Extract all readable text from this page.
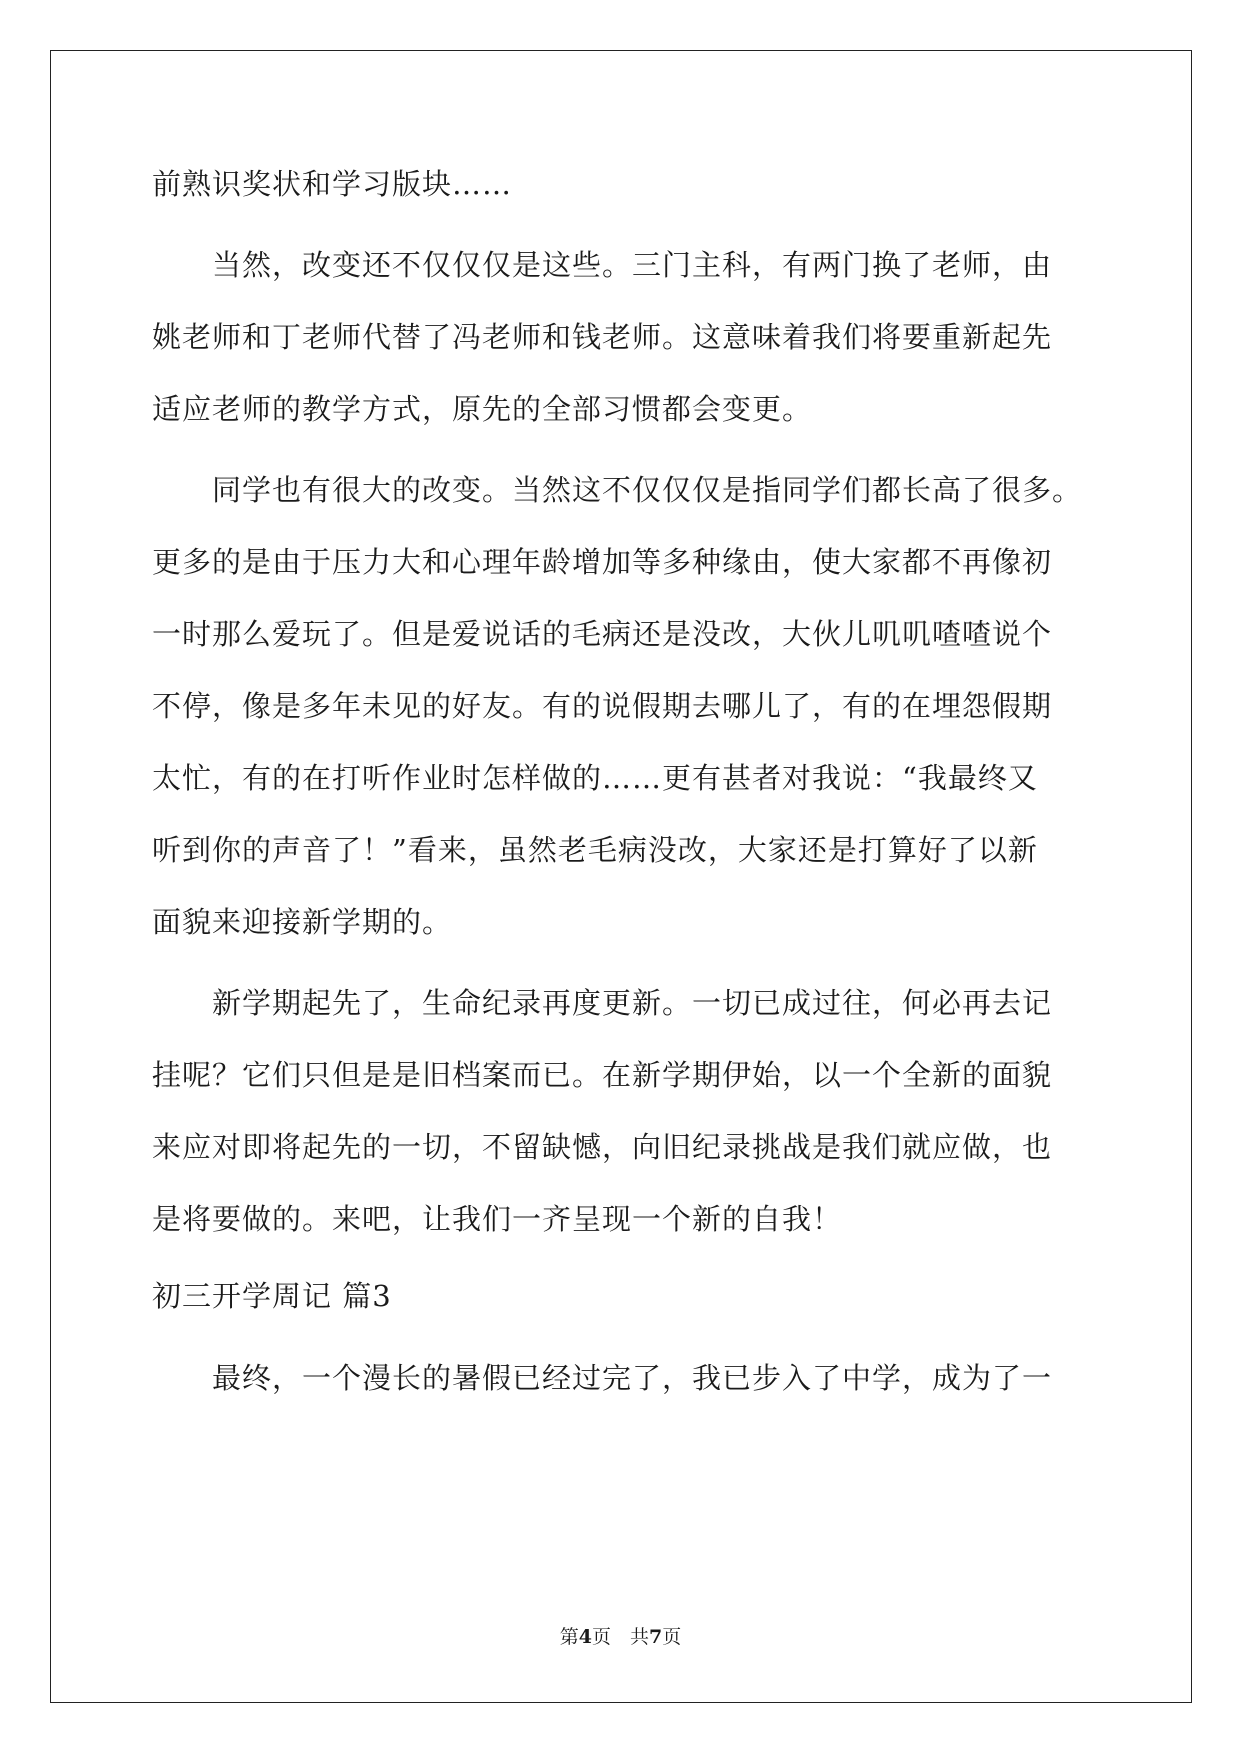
前熟识奖状和学习版块……
　　当然，改变还不仅仅仅是这些。三门主科，有两门换了老师，由
姚老师和丁老师代替了冯老师和钱老师。这意味着我们将要重新起先
适应老师的教学方式，原先的全部习惯都会变更。
　　同学也有很大的改变。当然这不仅仅仅是指同学们都长高了很多。
更多的是由于压力大和心理年龄增加等多种缘由，使大家都不再像初
一时那么爱玩了。但是爱说话的毛病还是没改，大伙儿叽叽喳喳说个
不停，像是多年未见的好友。有的说假期去哪儿了，有的在埋怨假期
太忙，有的在打听作业时怎样做的……更有甚者对我说：“我最终又
听到你的声音了！”看来，虽然老毛病没改，大家还是打算好了以新
面貌来迎接新学期的。
　　新学期起先了，生命纪录再度更新。一切已成过往，何必再去记
挂呢？它们只但是是旧档案而已。在新学期伊始，以一个全新的面貌
来应对即将起先的一切，不留缺憾，向旧纪录挑战是我们就应做，也
是将要做的。来吧，让我们一齐呈现一个新的自我！
初三开学周记 篇3
　　最终，一个漫长的暑假已经过完了，我已步入了中学，成为了一
第4页　共7页
